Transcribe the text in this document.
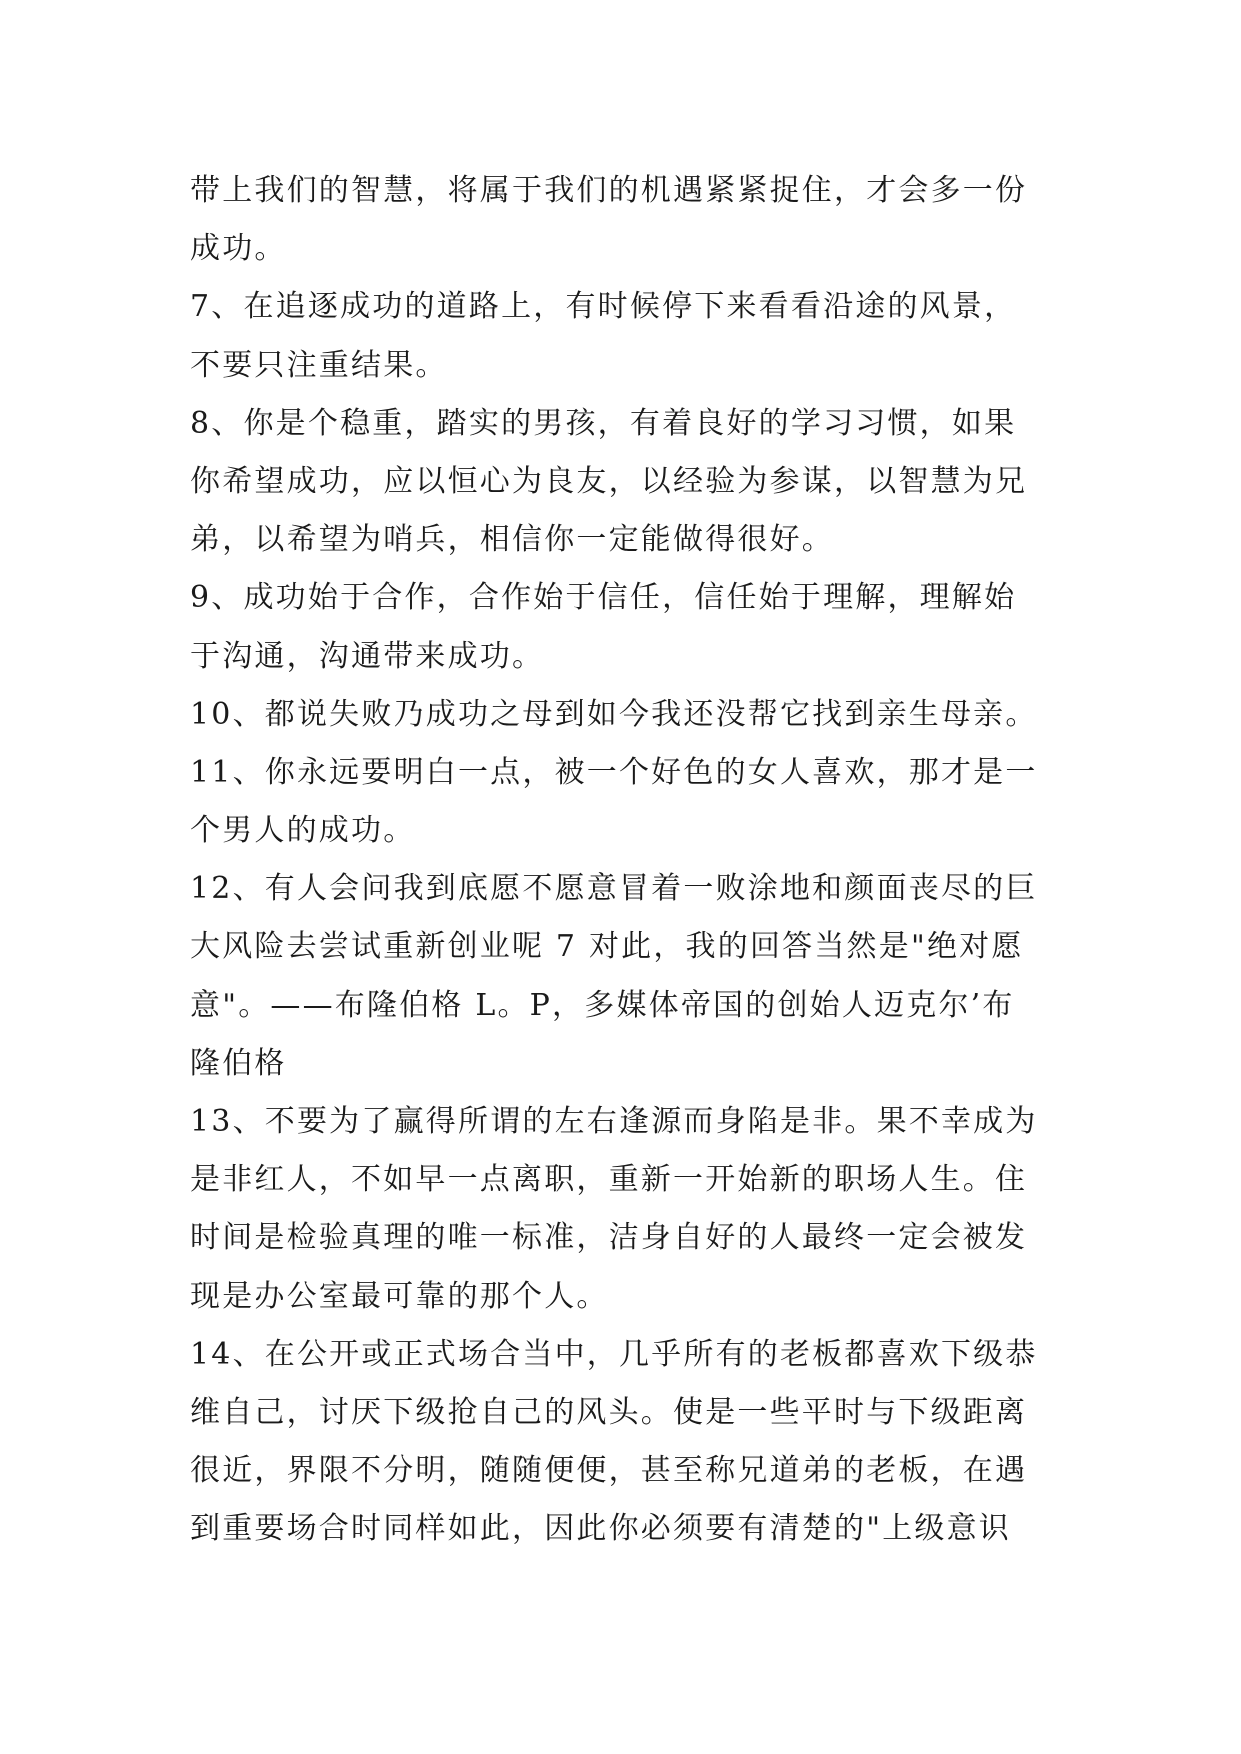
带上我们的智慧，将属于我们的机遇紧紧捉住，才会多一份
成功。
7、在追逐成功的道路上，有时候停下来看看沿途的风景，
不要只注重结果。
8、你是个稳重，踏实的男孩，有着良好的学习习惯，如果
你希望成功，应以恒心为良友，以经验为参谋，以智慧为兄
弟，以希望为哨兵，相信你一定能做得很好。
9、成功始于合作，合作始于信任，信任始于理解，理解始
于沟通，沟通带来成功。
10、都说失败乃成功之母到如今我还没帮它找到亲生母亲。
11、你永远要明白一点，被一个好色的女人喜欢，那才是一
个男人的成功。
12、有人会问我到底愿不愿意冒着一败涂地和颜面丧尽的巨
大风险去尝试重新创业呢 7 对此，我的回答当然是"绝对愿
意"。——布隆伯格 L。P，多媒体帝国的创始人迈克尔’布
隆伯格
13、不要为了赢得所谓的左右逢源而身陷是非。果不幸成为
是非红人，不如早一点离职，重新一开始新的职场人生。住
时间是检验真理的唯一标准，洁身自好的人最终一定会被发
现是办公室最可靠的那个人。
14、在公开或正式场合当中，几乎所有的老板都喜欢下级恭
维自己，讨厌下级抢自己的风头。使是一些平时与下级距离
很近，界限不分明，随随便便，甚至称兄道弟的老板，在遇
到重要场合时同样如此，因此你必须要有清楚的"上级意识
